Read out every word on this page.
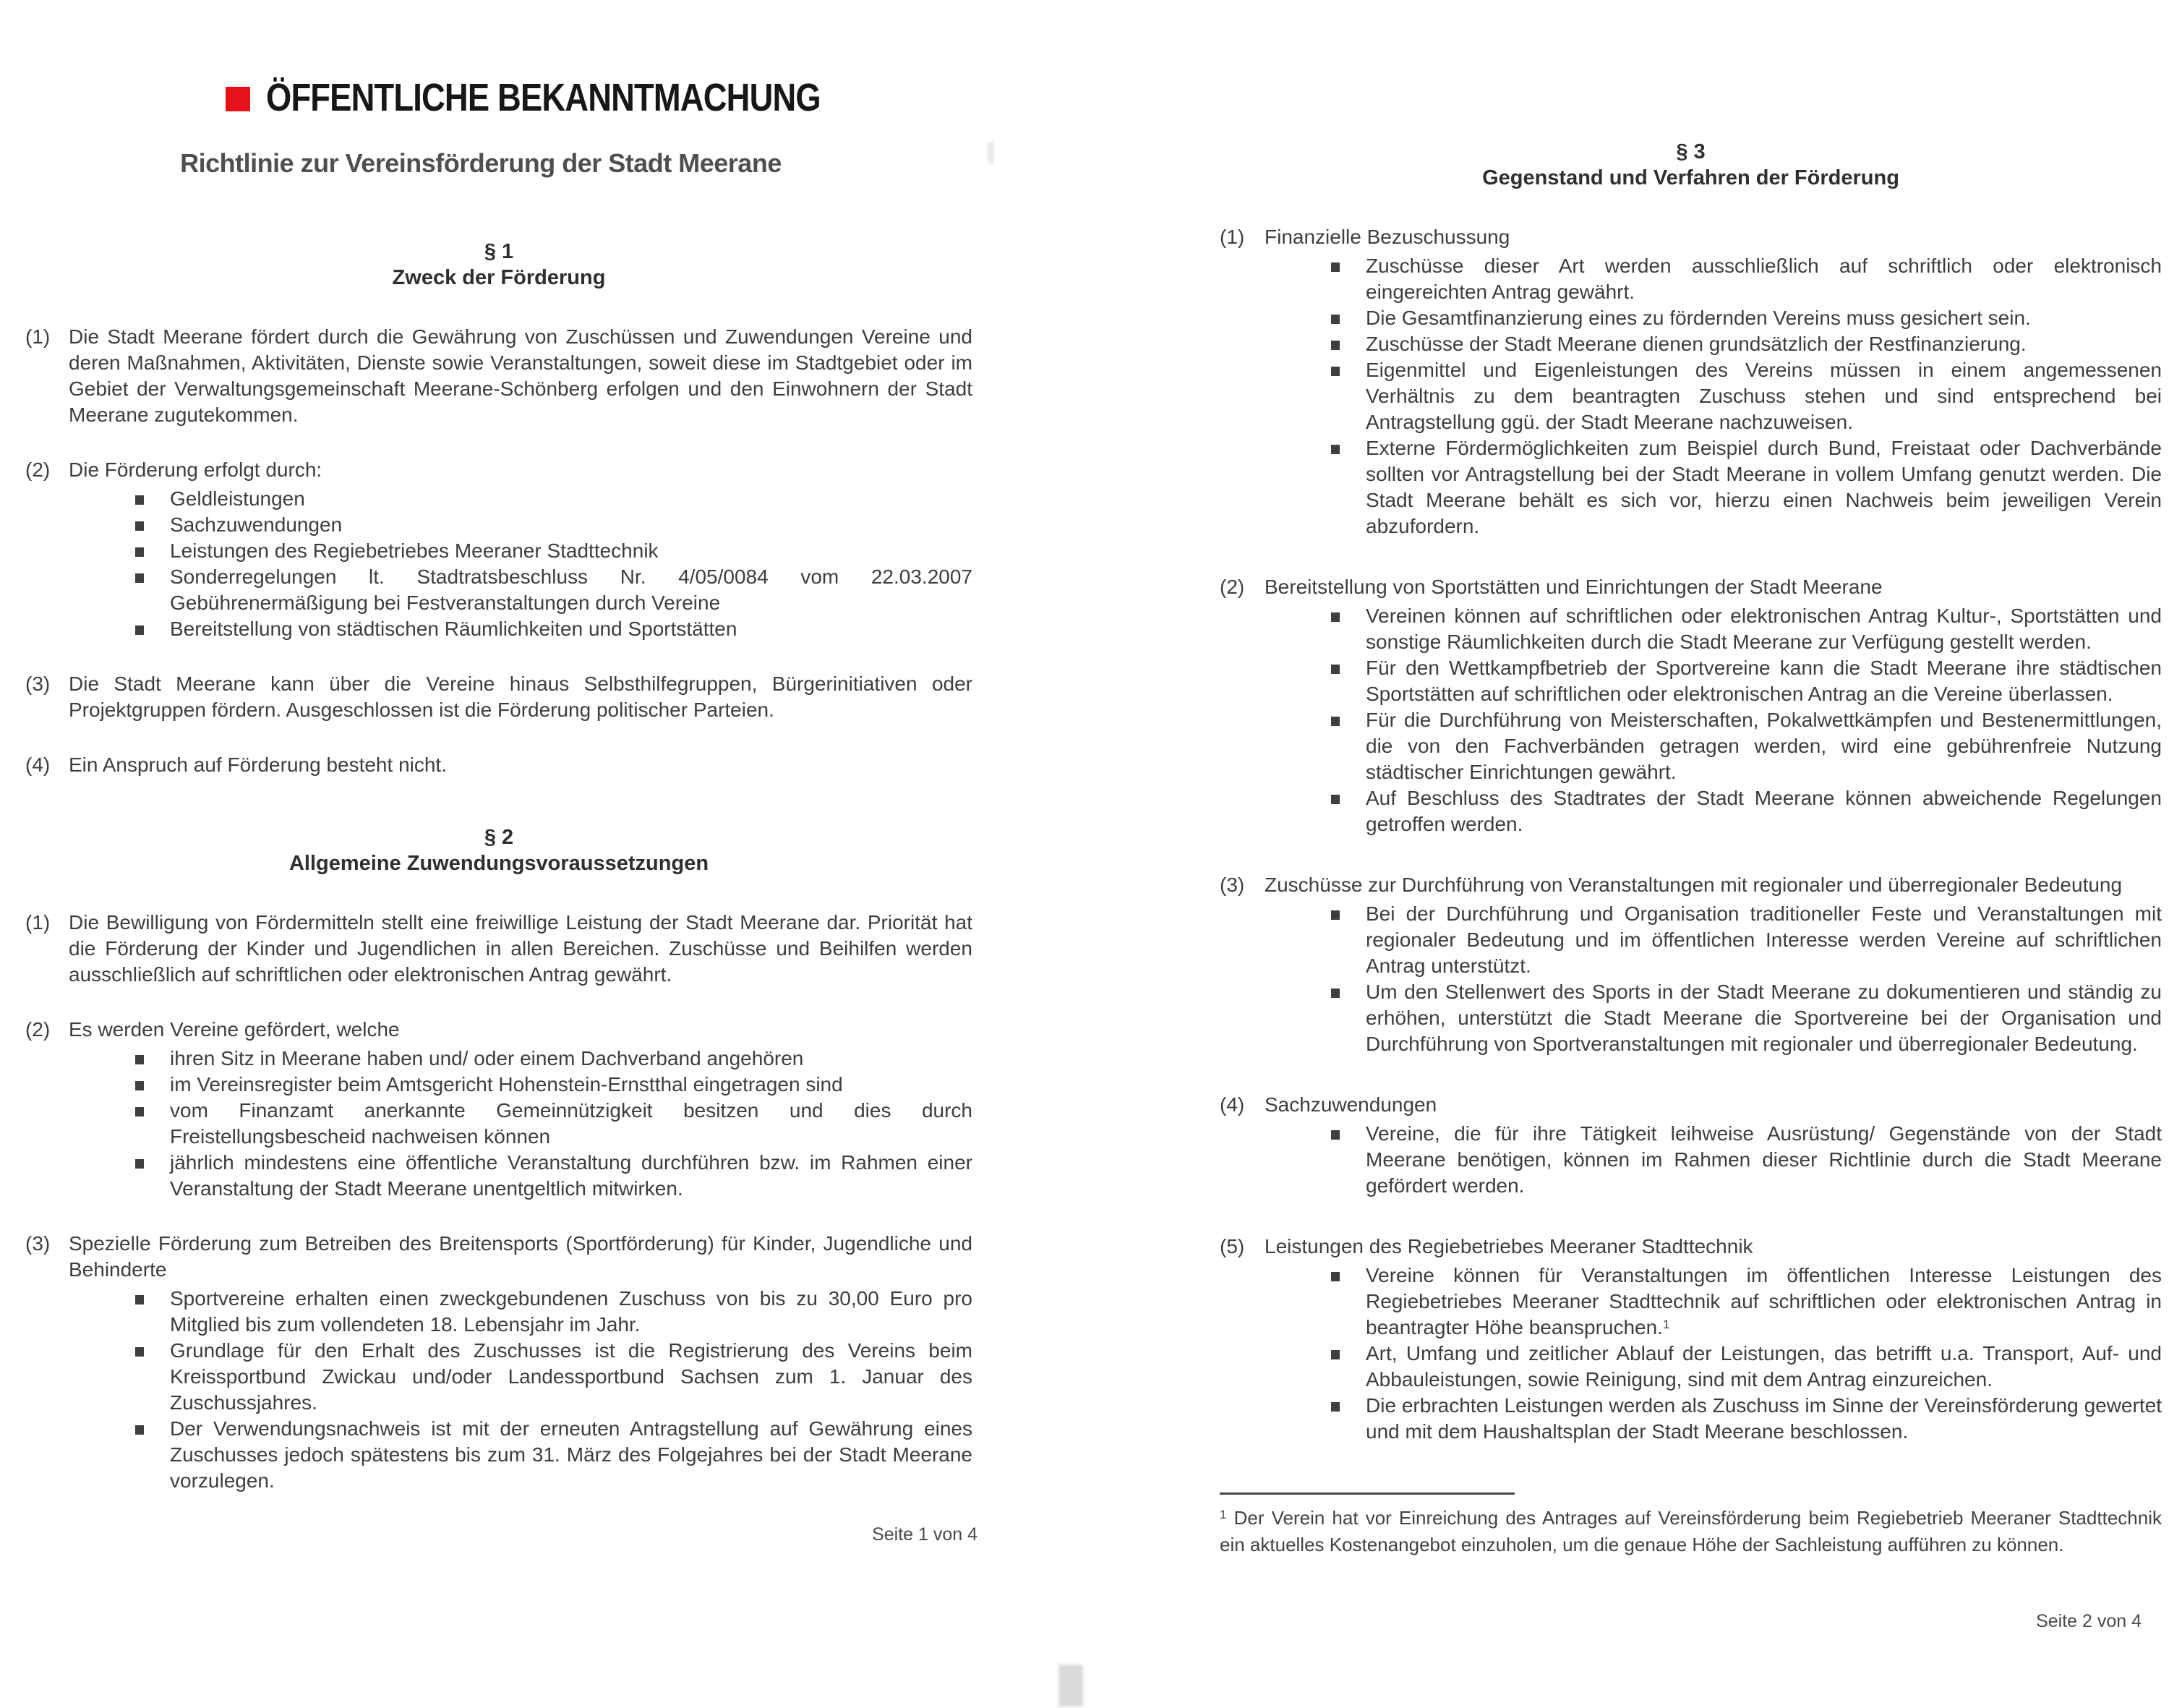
ÖFFENTLICHE BEKANNTMACHUNG
Richtlinie zur Vereinsförderung der Stadt Meerane
§ 1
Zweck der Förderung
(1) Die Stadt Meerane fördert durch die Gewährung von Zuschüssen und Zuwendungen Vereine und deren Maßnahmen, Aktivitäten, Dienste sowie Veranstaltungen, soweit diese im Stadtgebiet oder im Gebiet der Verwaltungsgemeinschaft Meerane-Schönberg erfolgen und den Einwohnern der Stadt Meerane zugutekommen.
(2) Die Förderung erfolgt durch:
Geldleistungen
Sachzuwendungen
Leistungen des Regiebetriebes Meeraner Stadttechnik
Sonderregelungen lt. Stadtratsbeschluss Nr. 4/05/0084 vom 22.03.2007 Gebührenermäßigung bei Festveranstaltungen durch Vereine
Bereitstellung von städtischen Räumlichkeiten und Sportstätten
(3) Die Stadt Meerane kann über die Vereine hinaus Selbsthilfegruppen, Bürgerinitiativen oder Projektgruppen fördern. Ausgeschlossen ist die Förderung politischer Parteien.
(4) Ein Anspruch auf Förderung besteht nicht.
§ 2
Allgemeine Zuwendungsvoraussetzungen
(1) Die Bewilligung von Fördermitteln stellt eine freiwillige Leistung der Stadt Meerane dar. Priorität hat die Förderung der Kinder und Jugendlichen in allen Bereichen. Zuschüsse und Beihilfen werden ausschließlich auf schriftlichen oder elektronischen Antrag gewährt.
(2) Es werden Vereine gefördert, welche
ihren Sitz in Meerane haben und/ oder einem Dachverband angehören
im Vereinsregister beim Amtsgericht Hohenstein-Ernstthal eingetragen sind
vom Finanzamt anerkannte Gemeinnützigkeit besitzen und dies durch Freistellungsbescheid nachweisen können
jährlich mindestens eine öffentliche Veranstaltung durchführen bzw. im Rahmen einer Veranstaltung der Stadt Meerane unentgeltlich mitwirken.
(3) Spezielle Förderung zum Betreiben des Breitensports (Sportförderung) für Kinder, Jugendliche und Behinderte
Sportvereine erhalten einen zweckgebundenen Zuschuss von bis zu 30,00 Euro pro Mitglied bis zum vollendeten 18. Lebensjahr im Jahr.
Grundlage für den Erhalt des Zuschusses ist die Registrierung des Vereins beim Kreissportbund Zwickau und/oder Landessportbund Sachsen zum 1. Januar des Zuschussjahres.
Der Verwendungsnachweis ist mit der erneuten Antragstellung auf Gewährung eines Zuschusses jedoch spätestens bis zum 31. März des Folgejahres bei der Stadt Meerane vorzulegen.
Seite 1 von 4
§ 3
Gegenstand und Verfahren der Förderung
(1) Finanzielle Bezuschussung
Zuschüsse dieser Art werden ausschließlich auf schriftlich oder elektronisch eingereichten Antrag gewährt.
Die Gesamtfinanzierung eines zu fördernden Vereins muss gesichert sein.
Zuschüsse der Stadt Meerane dienen grundsätzlich der Restfinanzierung.
Eigenmittel und Eigenleistungen des Vereins müssen in einem angemessenen Verhältnis zu dem beantragten Zuschuss stehen und sind entsprechend bei Antragstellung ggü. der Stadt Meerane nachzuweisen.
Externe Fördermöglichkeiten zum Beispiel durch Bund, Freistaat oder Dachverbände sollten vor Antragstellung bei der Stadt Meerane in vollem Umfang genutzt werden. Die Stadt Meerane behält es sich vor, hierzu einen Nachweis beim jeweiligen Verein abzufordern.
(2) Bereitstellung von Sportstätten und Einrichtungen der Stadt Meerane
Vereinen können auf schriftlichen oder elektronischen Antrag Kultur-, Sportstätten und sonstige Räumlichkeiten durch die Stadt Meerane zur Verfügung gestellt werden.
Für den Wettkampfbetrieb der Sportvereine kann die Stadt Meerane ihre städtischen Sportstätten auf schriftlichen oder elektronischen Antrag an die Vereine überlassen.
Für die Durchführung von Meisterschaften, Pokalwettkämpfen und Bestenermittlungen, die von den Fachverbänden getragen werden, wird eine gebührenfreie Nutzung städtischer Einrichtungen gewährt.
Auf Beschluss des Stadtrates der Stadt Meerane können abweichende Regelungen getroffen werden.
(3) Zuschüsse zur Durchführung von Veranstaltungen mit regionaler und überregionaler Bedeutung
Bei der Durchführung und Organisation traditioneller Feste und Veranstaltungen mit regionaler Bedeutung und im öffentlichen Interesse werden Vereine auf schriftlichen Antrag unterstützt.
Um den Stellenwert des Sports in der Stadt Meerane zu dokumentieren und ständig zu erhöhen, unterstützt die Stadt Meerane die Sportvereine bei der Organisation und Durchführung von Sportveranstaltungen mit regionaler und überregionaler Bedeutung.
(4) Sachzuwendungen
Vereine, die für ihre Tätigkeit leihweise Ausrüstung/ Gegenstände von der Stadt Meerane benötigen, können im Rahmen dieser Richtlinie durch die Stadt Meerane gefördert werden.
(5) Leistungen des Regiebetriebes Meeraner Stadttechnik
Vereine können für Veranstaltungen im öffentlichen Interesse Leistungen des Regiebetriebes Meeraner Stadttechnik auf schriftlichen oder elektronischen Antrag in beantragter Höhe beanspruchen.$^1$
Art, Umfang und zeitlicher Ablauf der Leistungen, das betrifft u.a. Transport, Auf- und Abbauleistungen, sowie Reinigung, sind mit dem Antrag einzureichen.
Die erbrachten Leistungen werden als Zuschuss im Sinne der Vereinsförderung gewertet und mit dem Haushaltsplan der Stadt Meerane beschlossen.

$^1$ Der Verein hat vor Einreichung des Antrages auf Vereinsförderung beim Regiebetrieb Meeraner Stadttechnik ein aktuelles Kostenangebot einzuholen, um die genaue Höhe der Sachleistung aufführen zu können.

Seite 2 von 4
